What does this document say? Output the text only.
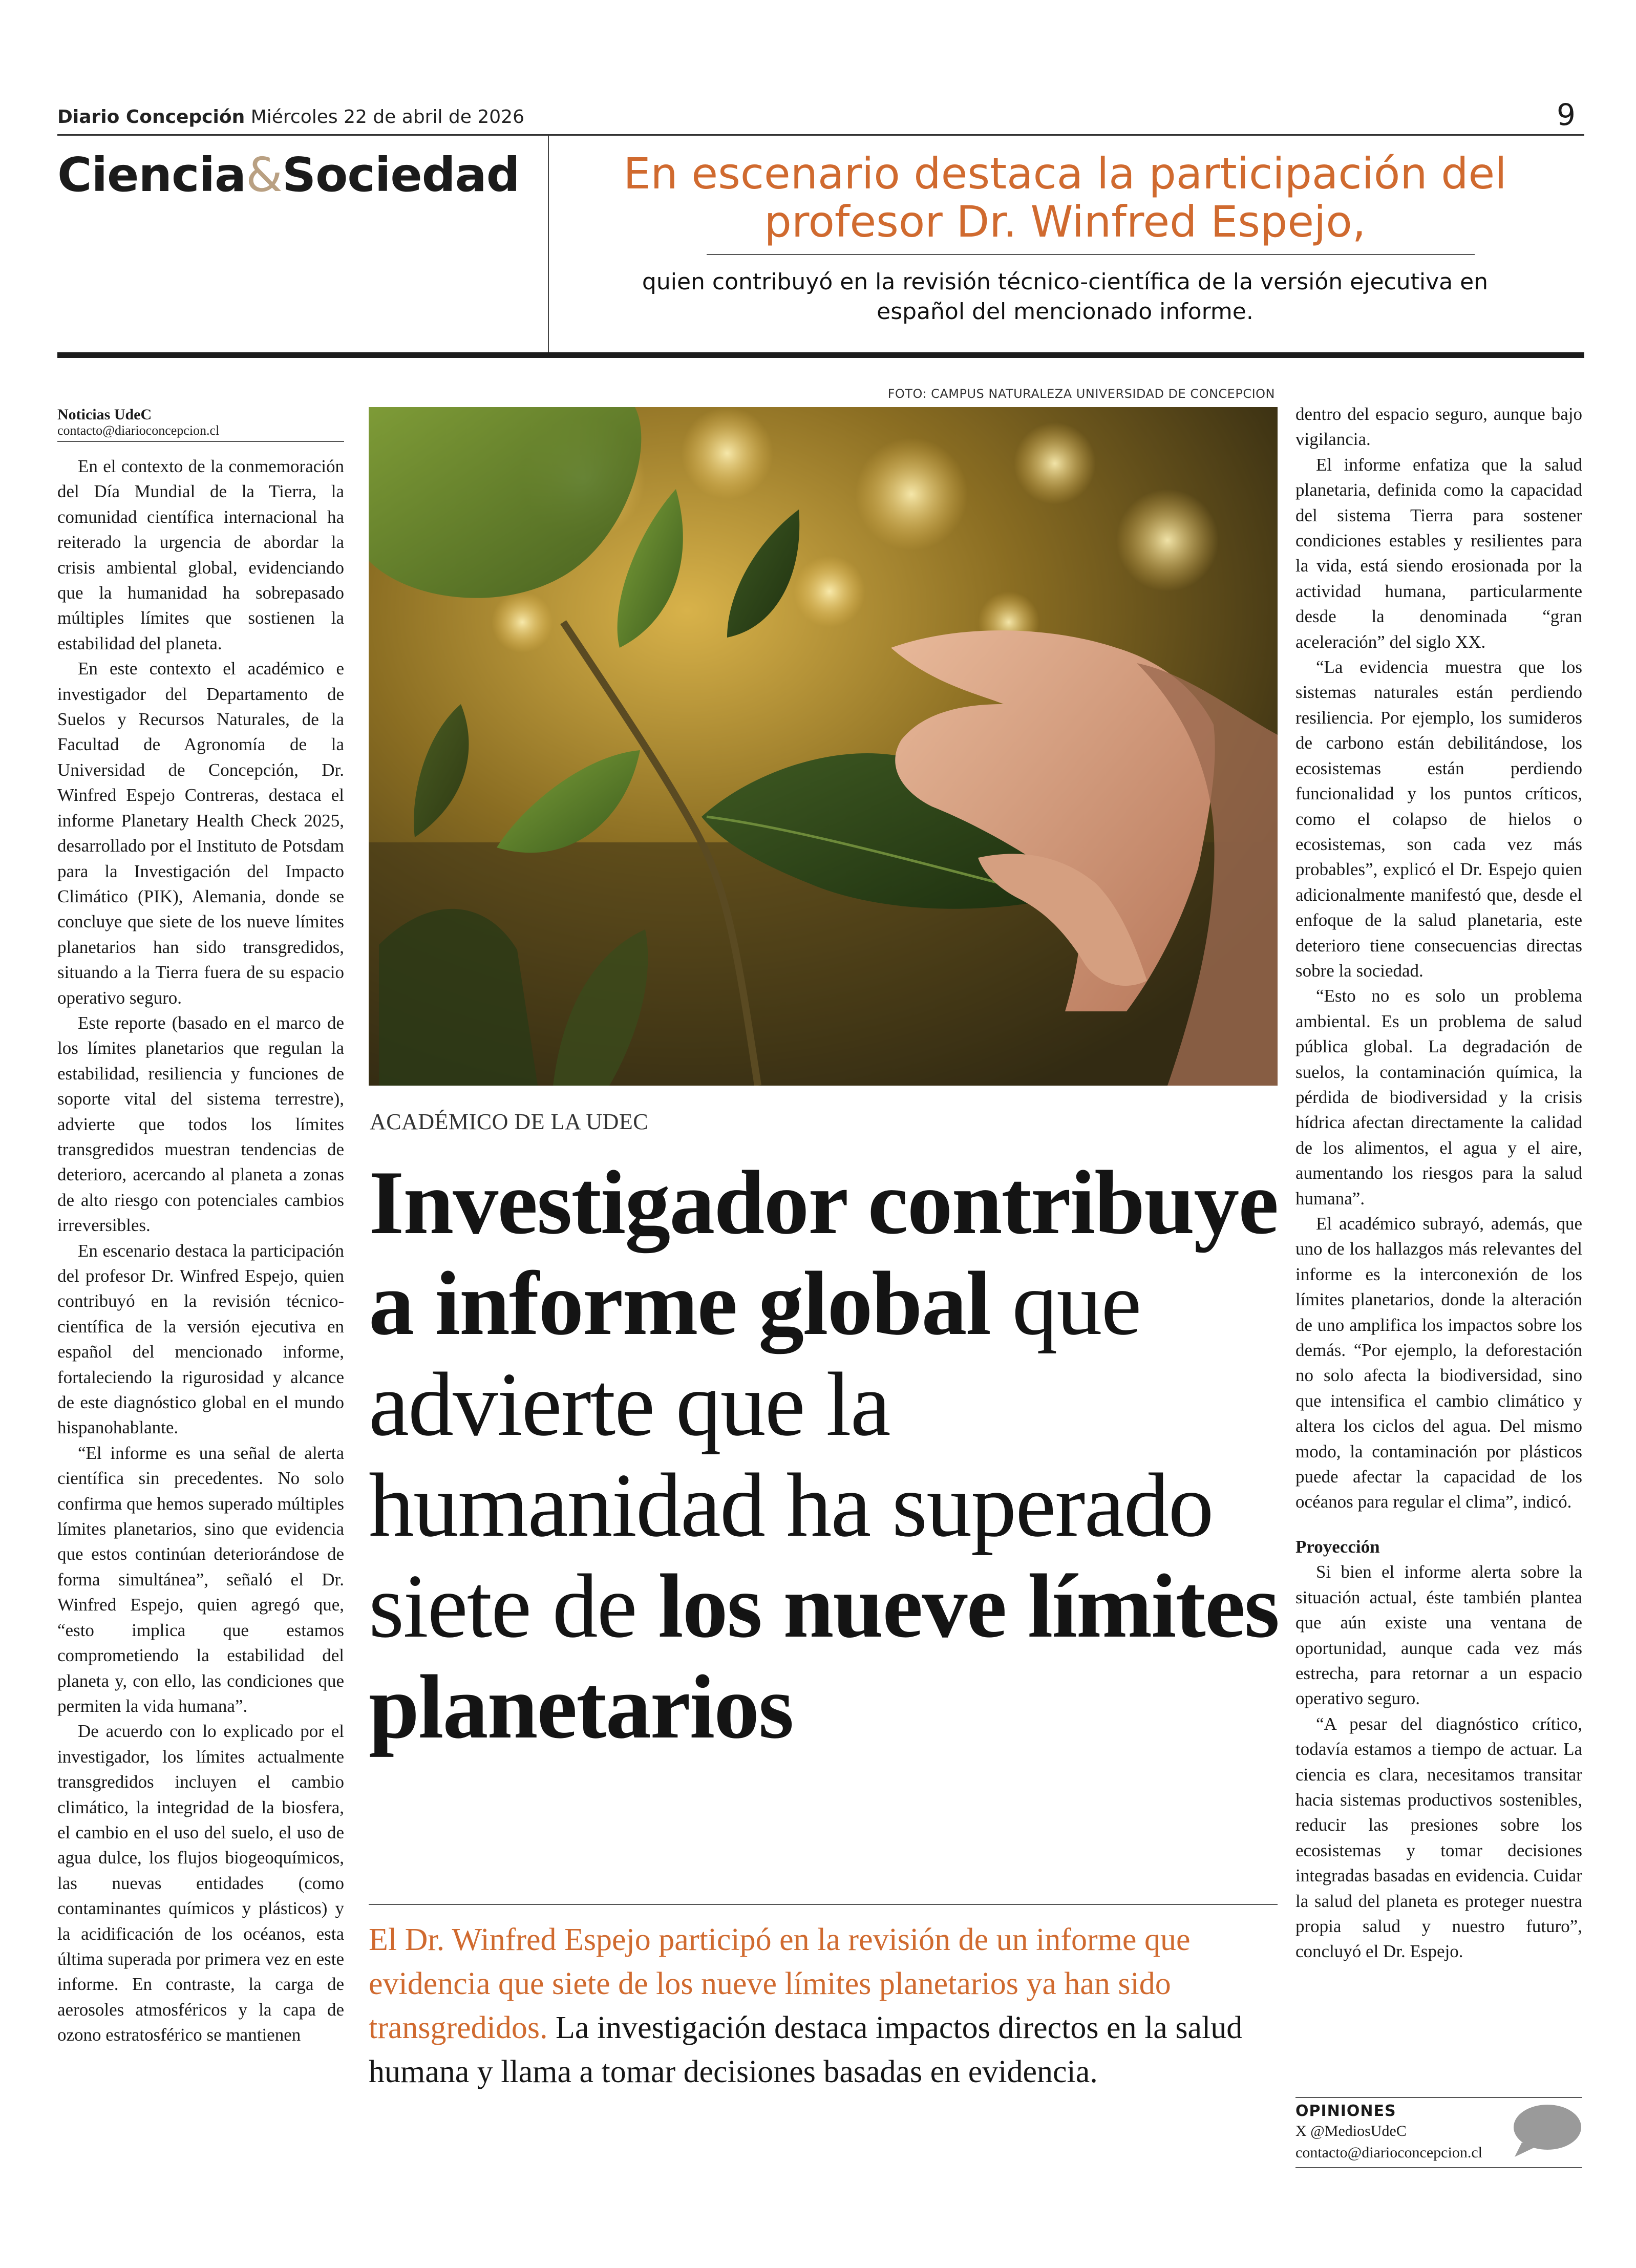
Diario Concepción Miércoles 22 de abril de 2026	9
Ciencia&Sociedad	En escenario destaca la participación del profesor Dr. Winfred Espejo,
quien contribuyó en la revisión técnico-científica de la versión ejecutiva en español del mencionado informe.
Noticias UdeC
contacto@diarioconcepcion.cl

En el contexto de la conmemoración del Día Mundial de la Tierra, la comunidad científica internacional ha reiterado la urgencia de abordar la crisis ambiental global, evidenciando que la humanidad ha sobrepasado múltiples límites que sostienen la estabilidad del planeta.

En este contexto el académico e investigador del Departamento de Suelos y Recursos Naturales, de la Facultad de Agronomía de la Universidad de Concepción, Dr. Winfred Espejo Contreras, destaca el informe Planetary Health Check 2025, desarrollado por el Instituto de Potsdam para la Investigación del Impacto Climático (PIK), Alemania, donde se concluye que siete de los nueve límites planetarios han sido transgredidos, situando a la Tierra fuera de su espacio operativo seguro.

Este reporte (basado en el marco de los límites planetarios que regulan la estabilidad, resiliencia y funciones de soporte vital del sistema terrestre), advierte que todos los límites transgredidos muestran tendencias de deterioro, acercando al planeta a zonas de alto riesgo con potenciales cambios irreversibles.

En escenario destaca la participación del profesor Dr. Winfred Espejo, quien contribuyó en la revisión técnico-científica de la versión ejecutiva en español del mencionado informe, fortaleciendo la rigurosidad y alcance de este diagnóstico global en el mundo hispanohablante.

“El informe es una señal de alerta científica sin precedentes. No solo confirma que hemos superado múltiples límites planetarios, sino que evidencia que estos continúan deteriorándose de forma simultánea”, señaló el Dr. Winfred Espejo, quien agregó que, “esto implica que estamos comprometiendo la estabilidad del planeta y, con ello, las condiciones que permiten la vida humana”.

De acuerdo con lo explicado por el investigador, los límites actualmente transgredidos incluyen el cambio climático, la integridad de la biosfera, el cambio en el uso del suelo, el uso de agua dulce, los flujos biogeoquímicos, las nuevas entidades (como contaminantes químicos y plásticos) y la acidificación de los océanos, esta última superada por primera vez en este informe. En contraste, la carga de aerosoles atmosféricos y la capa de ozono estratosférico se mantienen

FOTO: CAMPUS NATURALEZA UNIVERSIDAD DE CONCEPCION
ACADÉMICO DE LA UDEC
Investigador contribuye a informe global que advierte que la humanidad ha superado siete de los nueve límites planetarios
El Dr. Winfred Espejo participó en la revisión de un informe que evidencia que siete de los nueve límites planetarios ya han sido transgredidos. La investigación destaca impactos directos en la salud humana y llama a tomar decisiones basadas en evidencia.

dentro del espacio seguro, aunque bajo vigilancia.

El informe enfatiza que la salud planetaria, definida como la capacidad del sistema Tierra para sostener condiciones estables y resilientes para la vida, está siendo erosionada por la actividad humana, particularmente desde la denominada “gran aceleración” del siglo XX.

“La evidencia muestra que los sistemas naturales están perdiendo resiliencia. Por ejemplo, los sumideros de carbono están debilitándose, los ecosistemas están perdiendo funcionalidad y los puntos críticos, como el colapso de hielos o ecosistemas, son cada vez más probables”, explicó el Dr. Espejo quien adicionalmente manifestó que, desde el enfoque de la salud planetaria, este deterioro tiene consecuencias directas sobre la sociedad.

“Esto no es solo un problema ambiental. Es un problema de salud pública global. La degradación de suelos, la contaminación química, la pérdida de biodiversidad y la crisis hídrica afectan directamente la calidad de los alimentos, el agua y el aire, aumentando los riesgos para la salud humana”.

El académico subrayó, además, que uno de los hallazgos más relevantes del informe es la interconexión de los límites planetarios, donde la alteración de uno amplifica los impactos sobre los demás. “Por ejemplo, la deforestación no solo afecta la biodiversidad, sino que intensifica el cambio climático y altera los ciclos del agua. Del mismo modo, la contaminación por plásticos puede afectar la capacidad de los océanos para regular el clima”, indicó.

Proyección

Si bien el informe alerta sobre la situación actual, éste también plantea que aún existe una ventana de oportunidad, aunque cada vez más estrecha, para retornar a un espacio operativo seguro.

“A pesar del diagnóstico crítico, todavía estamos a tiempo de actuar. La ciencia es clara, necesitamos transitar hacia sistemas productivos sostenibles, reducir las presiones sobre los ecosistemas y tomar decisiones integradas basadas en evidencia. Cuidar la salud del planeta es proteger nuestra propia salud y nuestro futuro”, concluyó el Dr. Espejo.

OPINIONES
X @MediosUdeC
contacto@diarioconcepcion.cl
